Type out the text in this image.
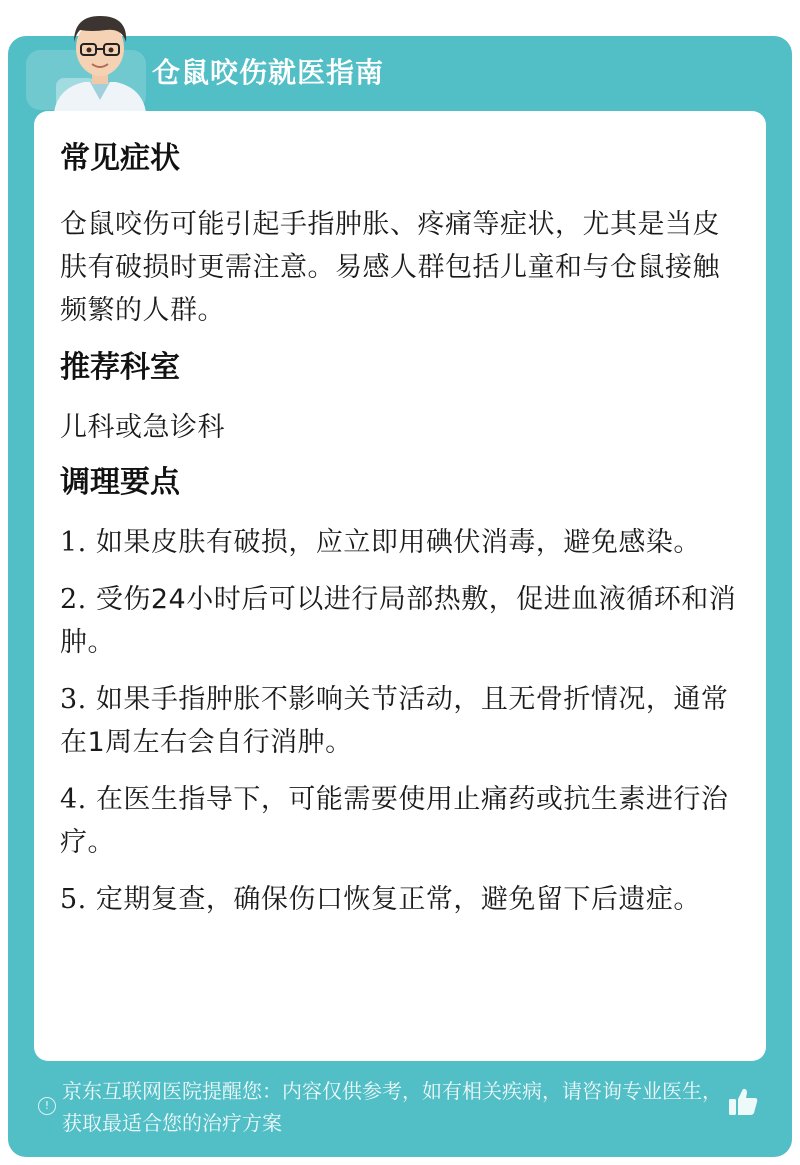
仓鼠咬伤就医指南
常见症状
仓鼠咬伤可能引起手指肿胀、疼痛等症状，尤其是当皮肤有破损时更需注意。易感人群包括儿童和与仓鼠接触频繁的人群。
推荐科室
儿科或急诊科
调理要点
1. 如果皮肤有破损，应立即用碘伏消毒，避免感染。
2. 受伤24小时后可以进行局部热敷，促进血液循环和消肿。
3. 如果手指肿胀不影响关节活动，且无骨折情况，通常在1周左右会自行消肿。
4. 在医生指导下，可能需要使用止痛药或抗生素进行治疗。
5. 定期复查，确保伤口恢复正常，避免留下后遗症。
!
京东互联网医院提醒您：内容仅供参考，如有相关疾病，请咨询专业医生，获取最适合您的治疗方案
